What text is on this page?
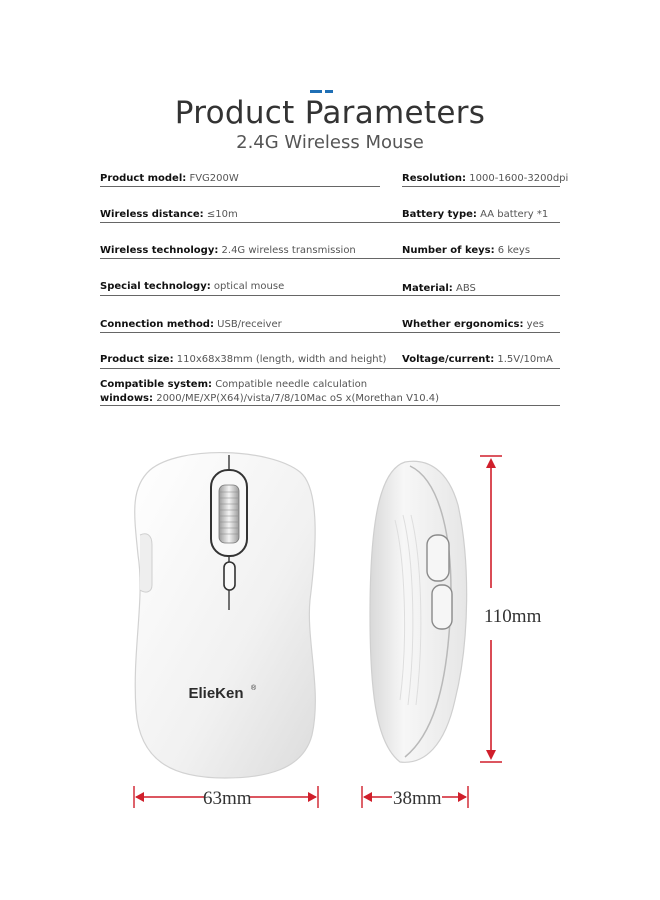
Product Parameters
2.4G Wireless Mouse
Product model: FVG200W
Wireless distance: ≤10m
Wireless technology: 2.4G wireless transmission
Special technology: optical mouse
Connection method: USB/receiver
Product size: 110x68x38mm (length, width and height)
Resolution: 1000-1600-3200dpi
Battery type: AA battery *1
Number of keys: 6 keys
Material: ABS
Whether ergonomics: yes
Voltage/current: 1.5V/10mA
Compatible system: Compatible needle calculation
windows: 2000/ME/XP(X64)/vista/7/8/10Mac oS x(Morethan V10.4)
ElieKen ®
110mm
63mm	38mm
